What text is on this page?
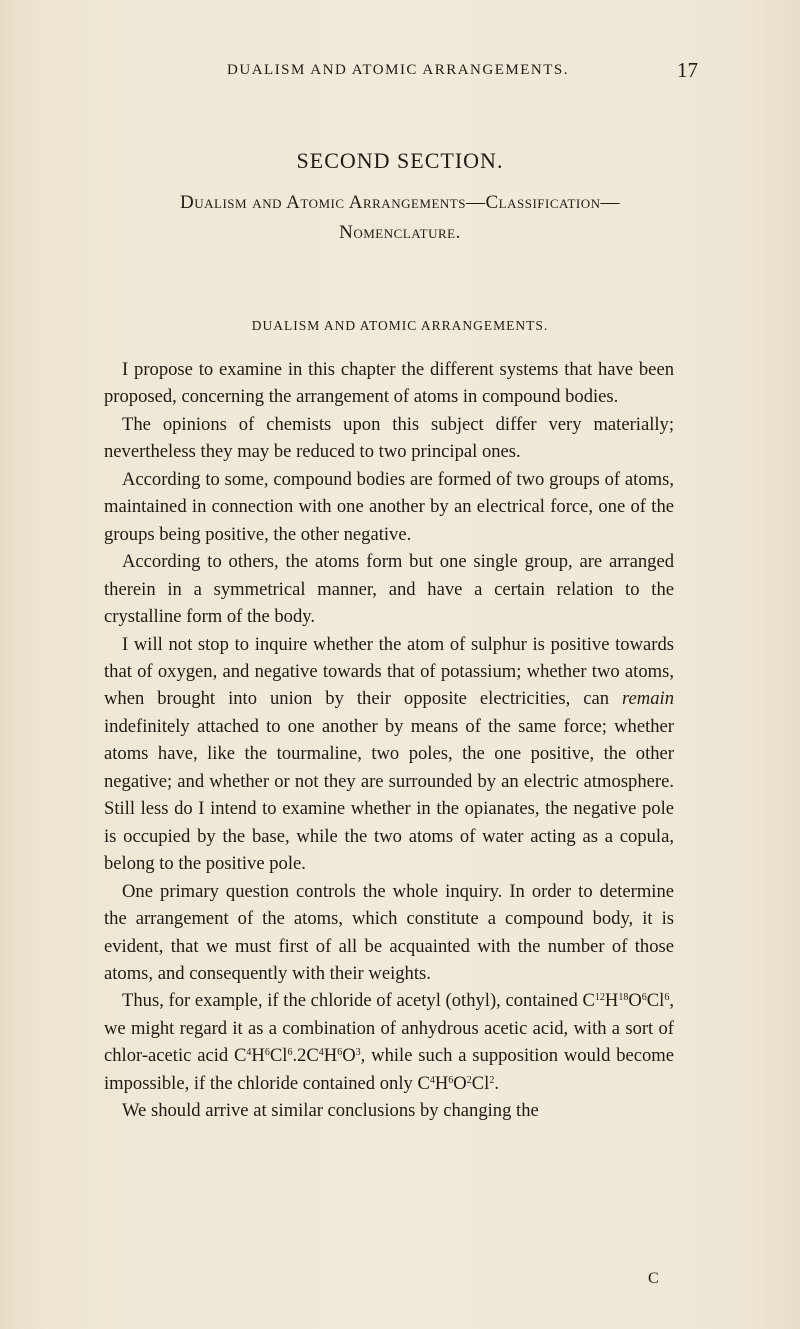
DUALISM AND ATOMIC ARRANGEMENTS.	17
SECOND SECTION.
Dualism and Atomic Arrangements—Classification—
Nomenclature.
DUALISM AND ATOMIC ARRANGEMENTS.

I propose to examine in this chapter the different systems that have been proposed, concerning the arrangement of atoms in compound bodies.

The opinions of chemists upon this subject differ very materially; nevertheless they may be reduced to two principal ones.

According to some, compound bodies are formed of two groups of atoms, maintained in connection with one another by an electrical force, one of the groups being positive, the other negative.

According to others, the atoms form but one single group, are arranged therein in a symmetrical manner, and have a certain relation to the crystalline form of the body.

I will not stop to inquire whether the atom of sulphur is positive towards that of oxygen, and negative towards that of potassium; whether two atoms, when brought into union by their opposite electricities, can remain indefinitely attached to one another by means of the same force; whether atoms have, like the tourmaline, two poles, the one positive, the other negative; and whether or not they are surrounded by an electric atmosphere. Still less do I intend to examine whether in the opianates, the negative pole is occupied by the base, while the two atoms of water acting as a copula, belong to the positive pole.

One primary question controls the whole inquiry. In order to determine the arrangement of the atoms, which constitute a compound body, it is evident, that we must first of all be acquainted with the number of those atoms, and consequently with their weights.

Thus, for example, if the chloride of acetyl (othyl), contained $C^{12}H^{18}O^6Cl^6$, we might regard it as a combination of anhydrous acetic acid, with a sort of chlor-acetic acid $C^4H^6Cl^6.2C^4H^6O^3$, while such a supposition would become impossible, if the chloride contained only $C^4H^6O^2Cl^2$.

We should arrive at similar conclusions by changing the

C
